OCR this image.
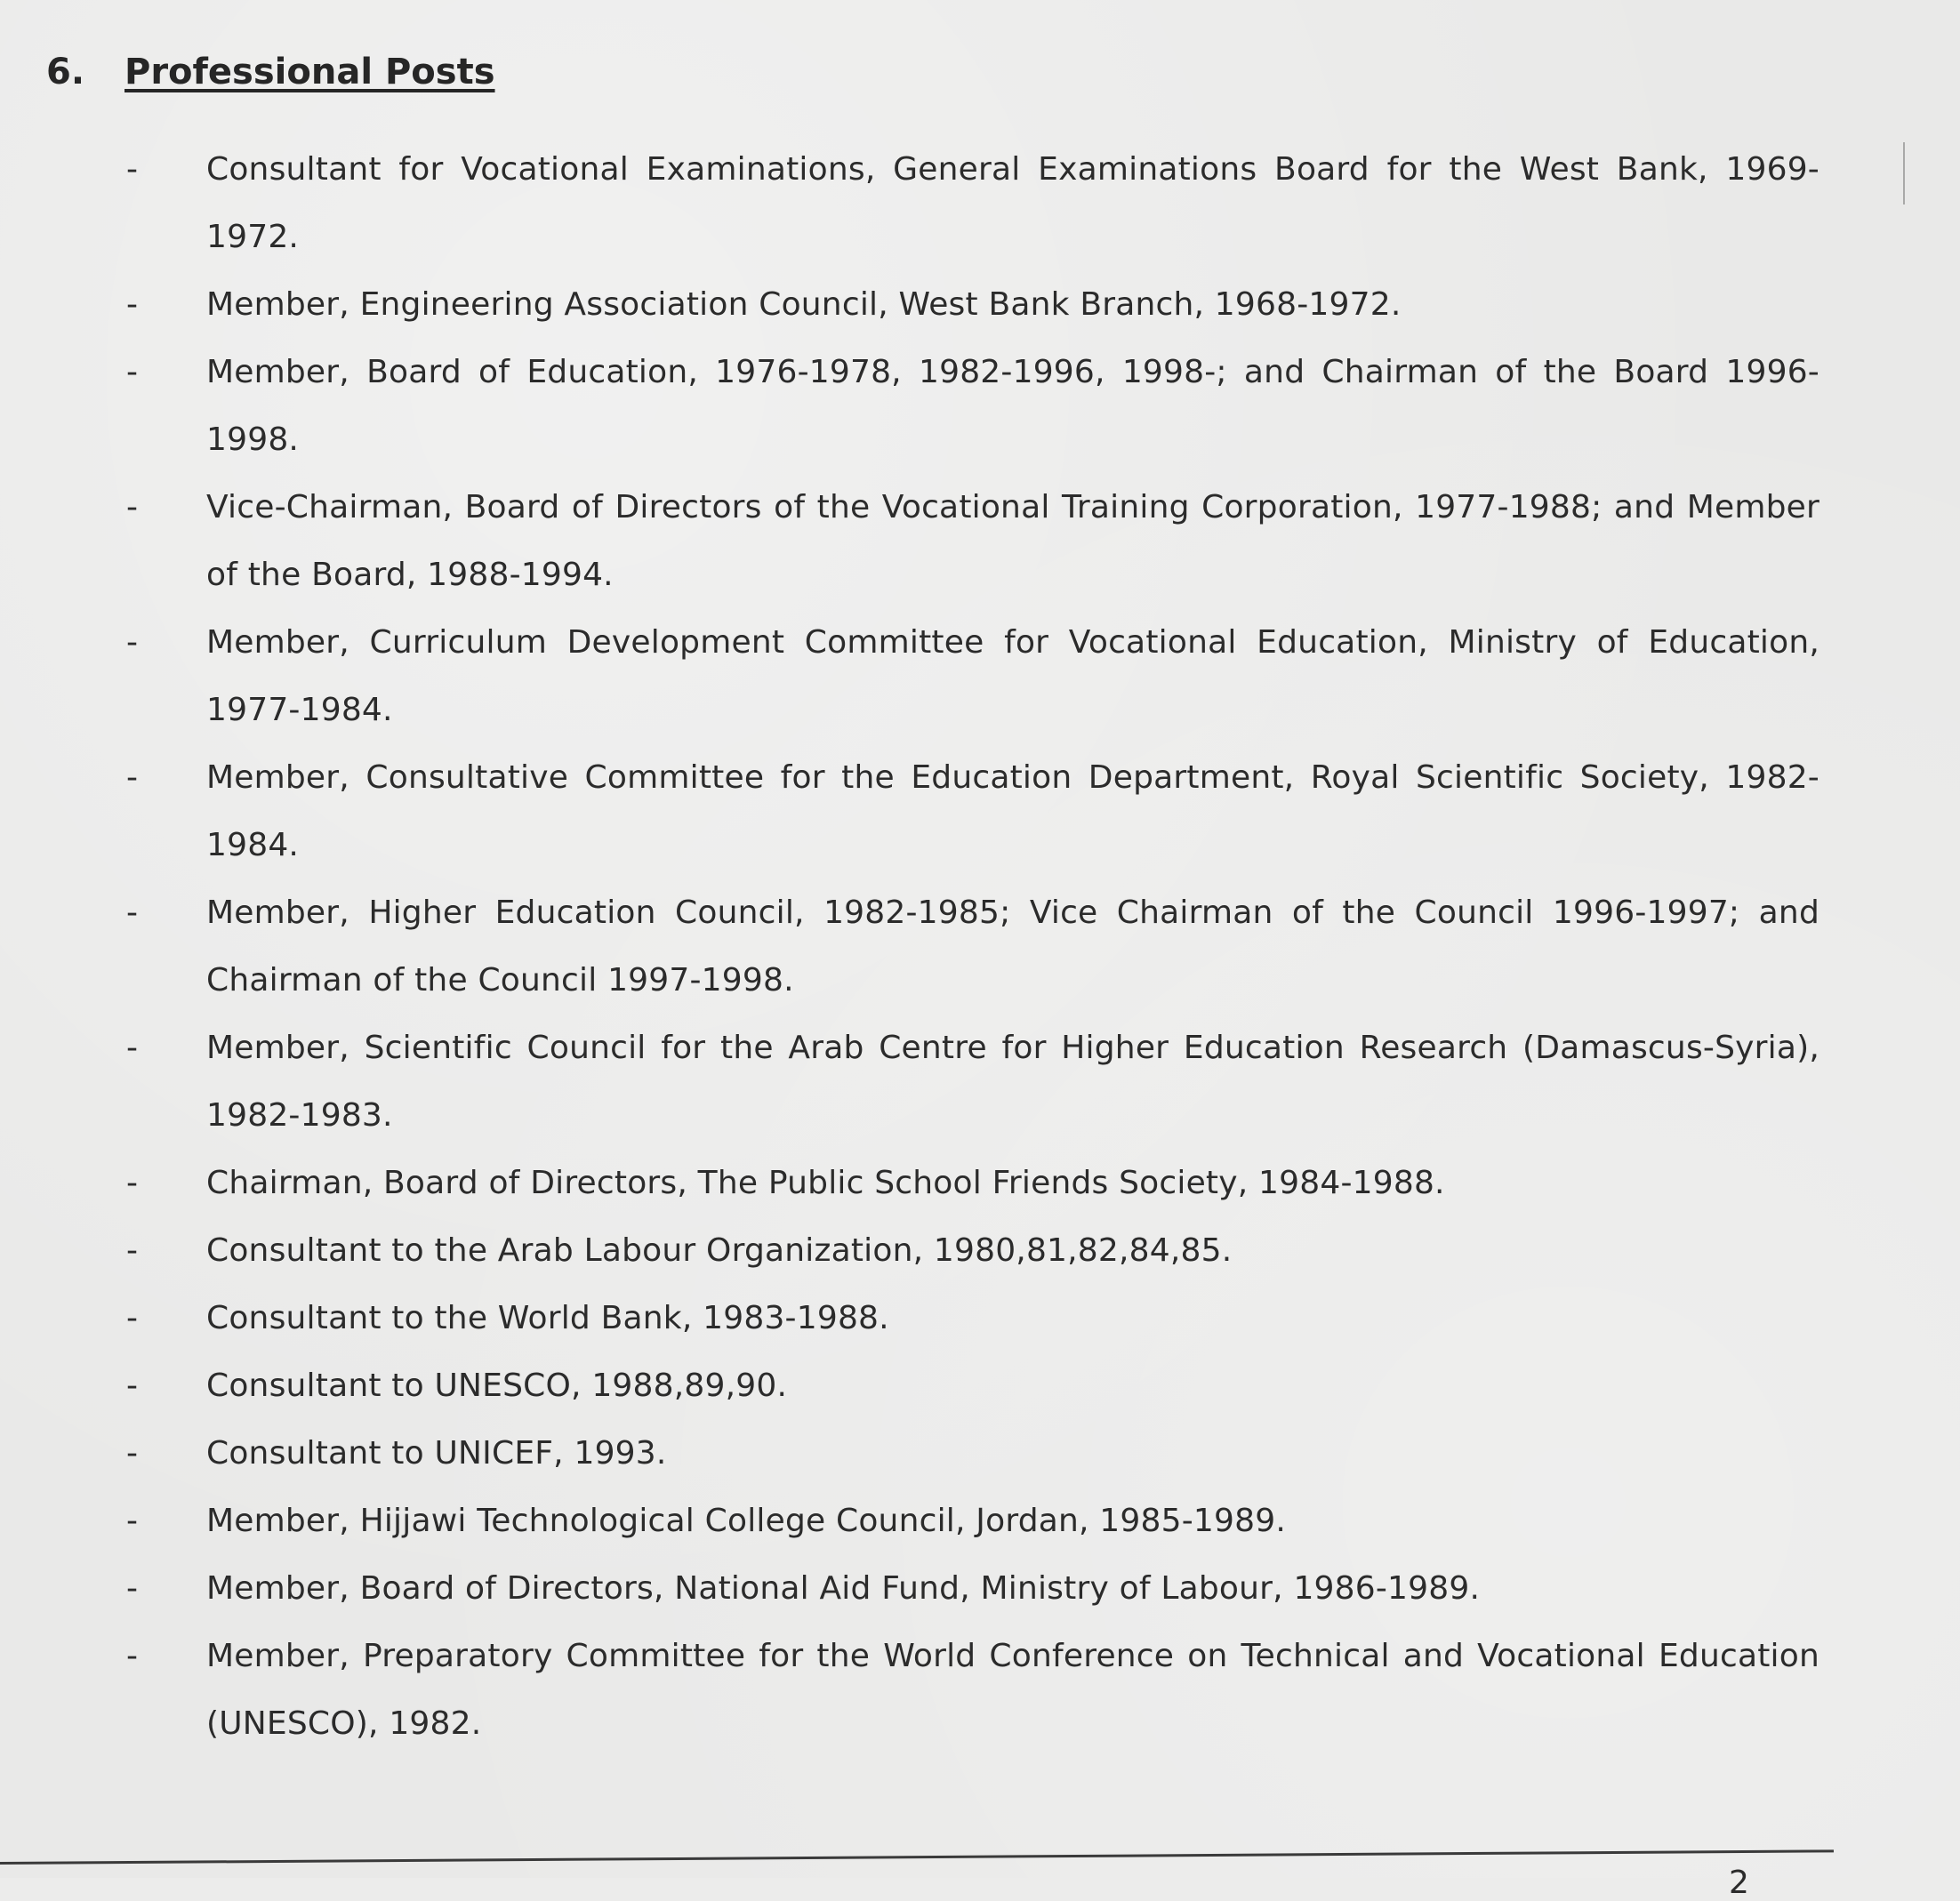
6.	Professional Posts
- Consultant for Vocational Examinations, General Examinations Board for the West Bank, 1969-1972.
- Member, Engineering Association Council, West Bank Branch, 1968-1972.
- Member, Board of Education, 1976-1978, 1982-1996, 1998-; and Chairman of the Board 1996-1998.
- Vice-Chairman, Board of Directors of the Vocational Training Corporation, 1977-1988; and Member of the Board, 1988-1994.
- Member, Curriculum Development Committee for Vocational Education, Ministry of Education, 1977-1984.
- Member, Consultative Committee for the Education Department, Royal Scientific Society, 1982-1984.
- Member, Higher Education Council, 1982-1985; Vice Chairman of the Council 1996-1997; and Chairman of the Council 1997-1998.
- Member, Scientific Council for the Arab Centre for Higher Education Research (Damascus-Syria), 1982-1983.
- Chairman, Board of Directors, The Public School Friends Society, 1984-1988.
- Consultant to the Arab Labour Organization, 1980,81,82,84,85.
- Consultant to the World Bank, 1983-1988.
- Consultant to UNESCO, 1988,89,90.
- Consultant to UNICEF, 1993.
- Member, Hijjawi Technological College Council, Jordan, 1985-1989.
- Member, Board of Directors, National Aid Fund, Ministry of Labour, 1986-1989.
- Member, Preparatory Committee for the World Conference on Technical and Vocational Education (UNESCO), 1982.
2
